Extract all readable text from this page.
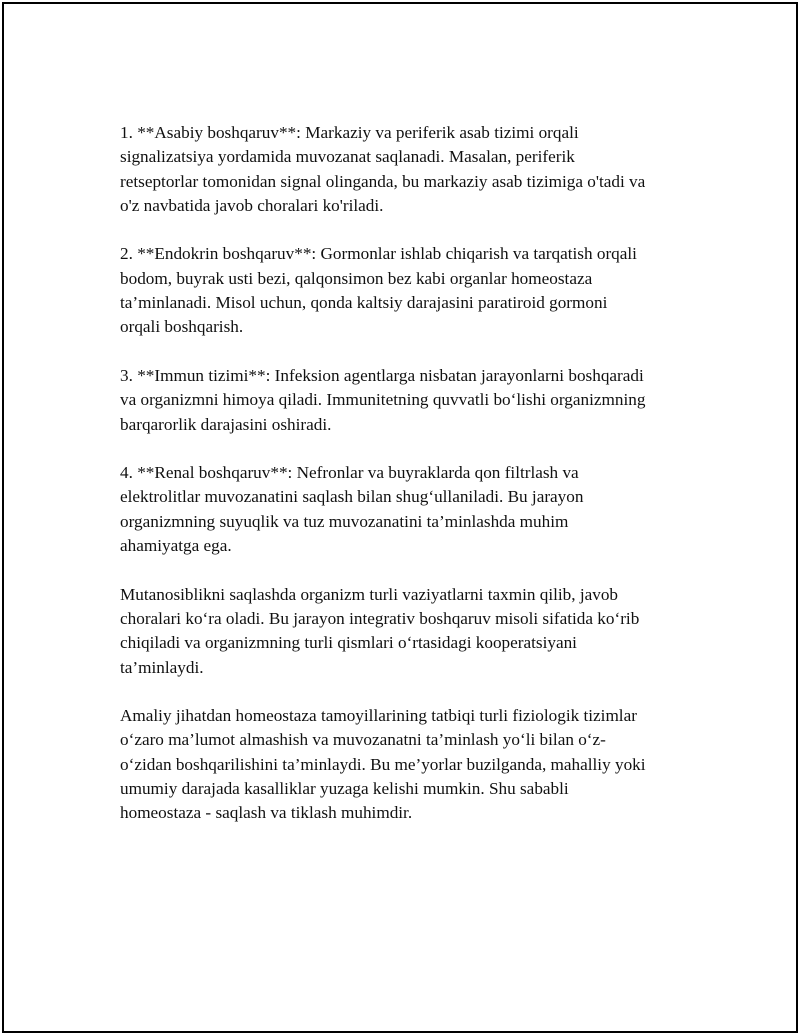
1. **Asabiy boshqaruv**: Markaziy va periferik asab tizimi orqali
signalizatsiya yordamida muvozanat saqlanadi. Masalan, periferik
retseptorlar tomonidan signal olinganda, bu markaziy asab tizimiga o'tadi va
o'z navbatida javob choralari ko'riladi.

2. **Endokrin boshqaruv**: Gormonlar ishlab chiqarish va tarqatish orqali
bodom, buyrak usti bezi, qalqonsimon bez kabi organlar homeostaza
ta’minlanadi. Misol uchun, qonda kaltsiy darajasini paratiroid gormoni
orqali boshqarish.

3. **Immun tizimi**: Infeksion agentlarga nisbatan jarayonlarni boshqaradi
va organizmni himoya qiladi. Immunitetning quvvatli boʻlishi organizmning
barqarorlik darajasini oshiradi.

4. **Renal boshqaruv**: Nefronlar va buyraklarda qon filtrlash va
elektrolitlar muvozanatini saqlash bilan shugʻullaniladi. Bu jarayon
organizmning suyuqlik va tuz muvozanatini ta’minlashda muhim
ahamiyatga ega.

Mutanosiblikni saqlashda organizm turli vaziyatlarni taxmin qilib, javob
choralari koʻra oladi. Bu jarayon integrativ boshqaruv misoli sifatida koʻrib
chiqiladi va organizmning turli qismlari oʻrtasidagi kooperatsiyani
ta’minlaydi.

Amaliy jihatdan homeostaza tamoyillarining tatbiqi turli fiziologik tizimlar
oʻzaro ma’lumot almashish va muvozanatni ta’minlash yoʻli bilan oʻz-
oʻzidan boshqarilishini ta’minlaydi. Bu me’yorlar buzilganda, mahalliy yoki
umumiy darajada kasalliklar yuzaga kelishi mumkin. Shu sababli
homeostaza - saqlash va tiklash muhimdir.
